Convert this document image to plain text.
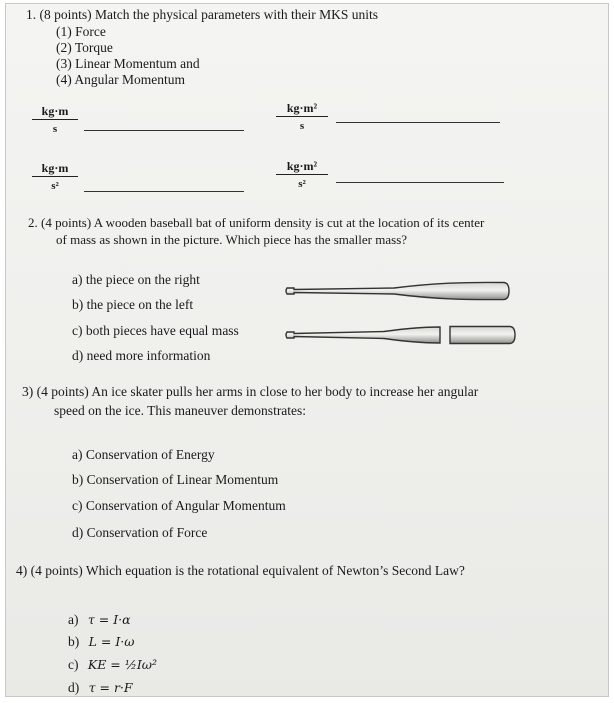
1. (8 points) Match the physical parameters with their MKS units
(1) Force
(2) Torque
(3) Linear Momentum and
(4) Angular Momentum
kg·m
s
kg·m²
s
kg·m
s²
kg·m²
s²
2. (4 points) A wooden baseball bat of uniform density is cut at the location of its center
of mass as shown in the picture. Which piece has the smaller mass?
a) the piece on the right
b) the piece on the left
c) both pieces have equal mass
d) need more information
3) (4 points) An ice skater pulls her arms in close to her body to increase her angular
speed on the ice. This maneuver demonstrates:
a) Conservation of Energy
b) Conservation of Linear Momentum
c) Conservation of Angular Momentum
d) Conservation of Force
4) (4 points) Which equation is the rotational equivalent of Newton’s Second Law?
a) τ = I·α
b) L = I·ω
c) KE = ½Iω²
d) τ = r·F
